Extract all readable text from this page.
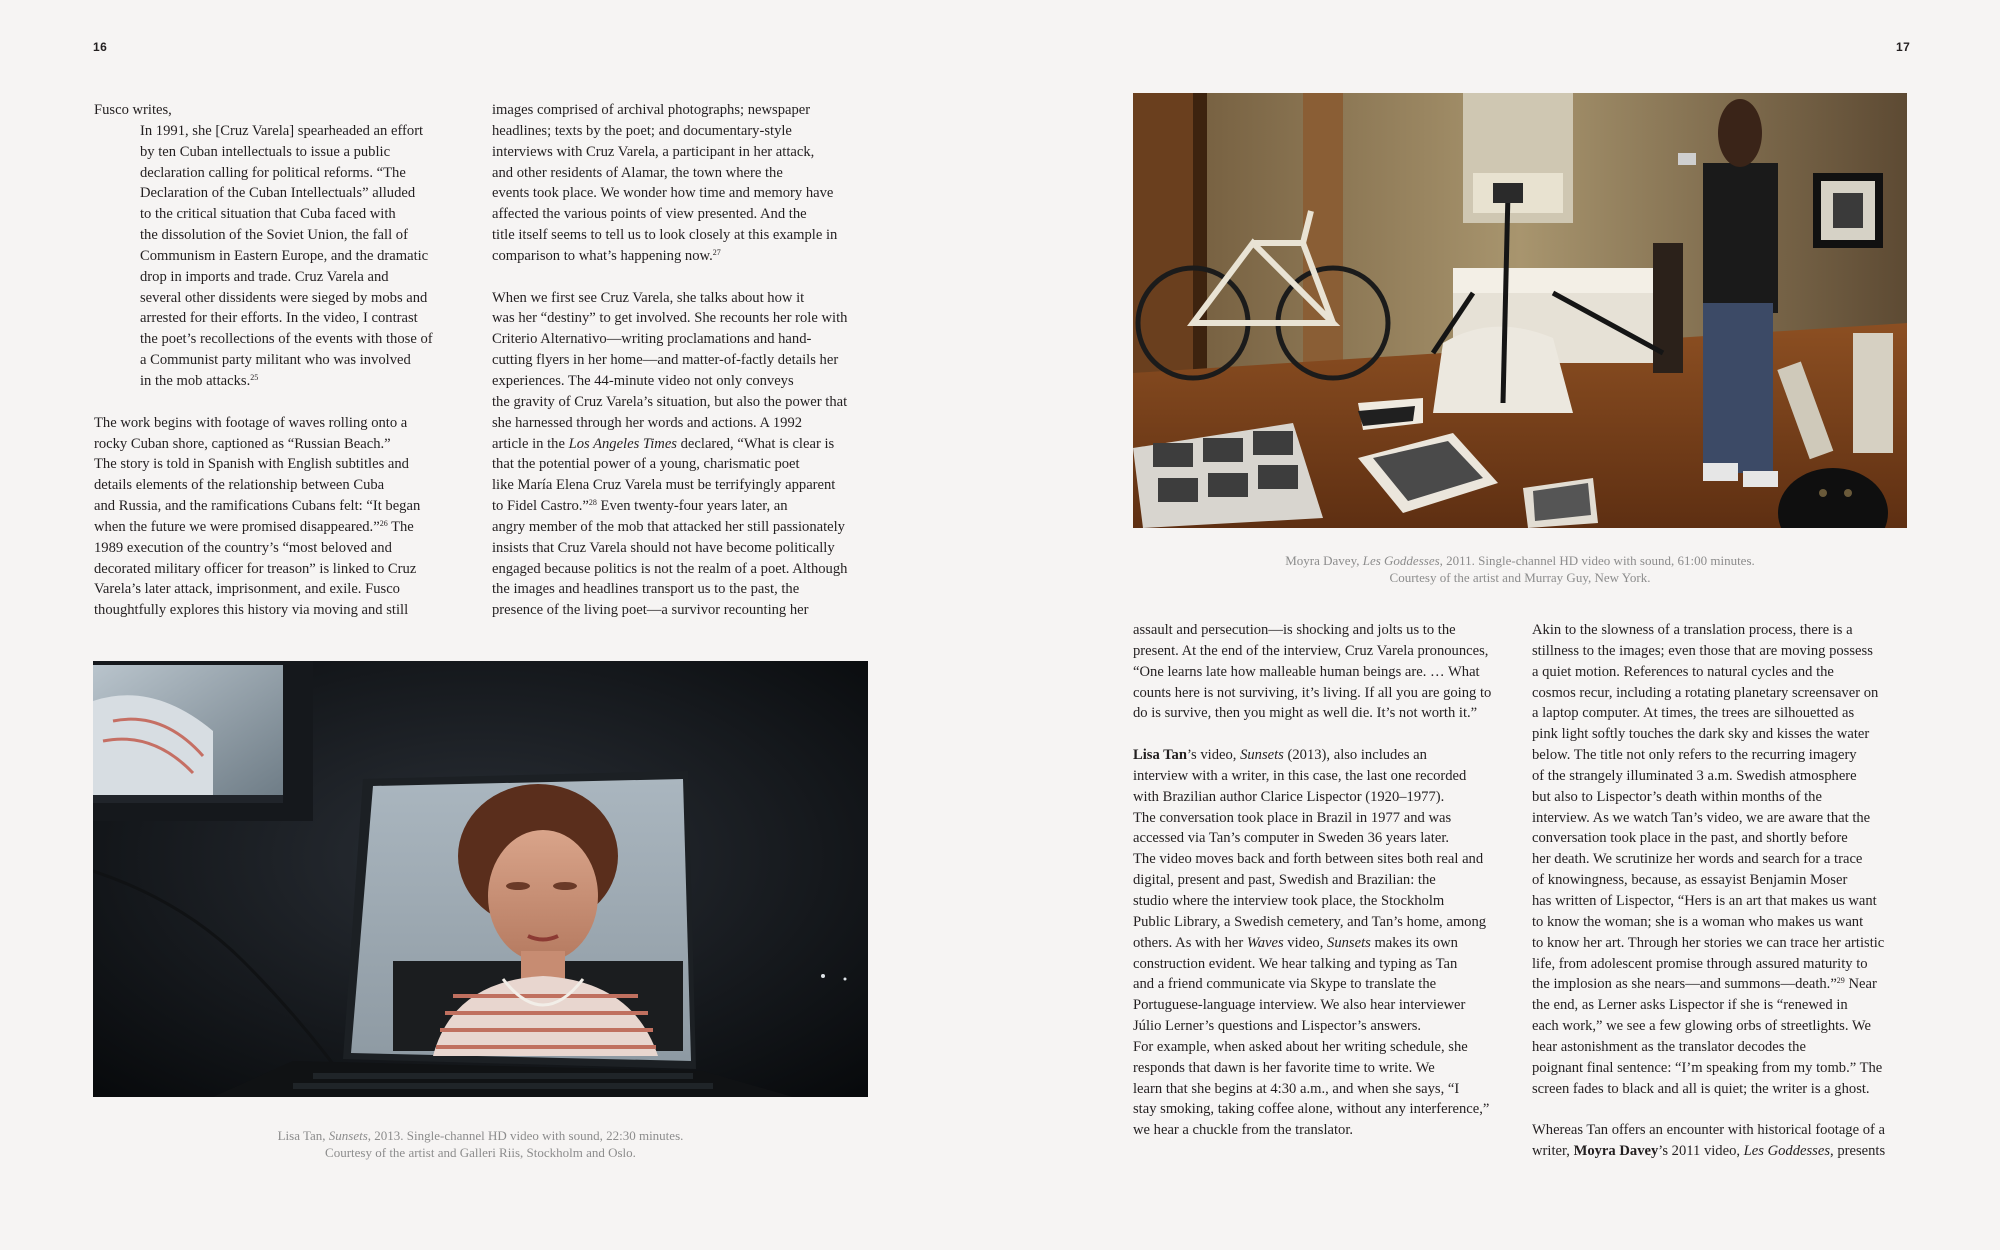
16	17
Fusco writes,
In 1991, she [Cruz Varela] spearheaded an effort
by ten Cuban intellectuals to issue a public
declaration calling for political reforms. “The
Declaration of the Cuban Intellectuals” alluded
to the critical situation that Cuba faced with
the dissolution of the Soviet Union, the fall of
Communism in Eastern Europe, and the dramatic
drop in imports and trade. Cruz Varela and
several other dissidents were sieged by mobs and
arrested for their efforts. In the video, I contrast
the poet’s recollections of the events with those of
a Communist party militant who was involved
in the mob attacks.$^{25}$
The work begins with footage of waves rolling onto a
rocky Cuban shore, captioned as “Russian Beach.”
The story is told in Spanish with English subtitles and
details elements of the relationship between Cuba
and Russia, and the ramifications Cubans felt: “It began
when the future we were promised disappeared.”$^{26}$ The
1989 execution of the country’s “most beloved and
decorated military officer for treason” is linked to Cruz
Varela’s later attack, imprisonment, and exile. Fusco
thoughtfully explores this history via moving and still
images comprised of archival photographs; newspaper
headlines; texts by the poet; and documentary-style
interviews with Cruz Varela, a participant in her attack,
and other residents of Alamar, the town where the
events took place. We wonder how time and memory have
affected the various points of view presented. And the
title itself seems to tell us to look closely at this example in
comparison to what’s happening now.$^{27}$
When we first see Cruz Varela, she talks about how it
was her “destiny” to get involved. She recounts her role with
Criterio Alternativo—writing proclamations and hand-
cutting flyers in her home—and matter-of-factly details her
experiences. The 44-minute video not only conveys
the gravity of Cruz Varela’s situation, but also the power that
she harnessed through her words and actions. A 1992
article in the Los Angeles Times declared, “What is clear is
that the potential power of a young, charismatic poet
like María Elena Cruz Varela must be terrifyingly apparent
to Fidel Castro.”$^{28}$ Even twenty-four years later, an
angry member of the mob that attacked her still passionately
insists that Cruz Varela should not have become politically
engaged because politics is not the realm of a poet. Although
the images and headlines transport us to the past, the
presence of the living poet—a survivor recounting her
Lisa Tan, Sunsets, 2013. Single-channel HD video with sound, 22:30 minutes.
Courtesy of the artist and Galleri Riis, Stockholm and Oslo.
Moyra Davey, Les Goddesses, 2011. Single-channel HD video with sound, 61:00 minutes.
Courtesy of the artist and Murray Guy, New York.
assault and persecution—is shocking and jolts us to the
present. At the end of the interview, Cruz Varela pronounces,
“One learns late how malleable human beings are. … What
counts here is not surviving, it’s living. If all you are going to
do is survive, then you might as well die. It’s not worth it.”
Lisa Tan’s video, Sunsets (2013), also includes an
interview with a writer, in this case, the last one recorded
with Brazilian author Clarice Lispector (1920–1977).
The conversation took place in Brazil in 1977 and was
accessed via Tan’s computer in Sweden 36 years later.
The video moves back and forth between sites both real and
digital, present and past, Swedish and Brazilian: the
studio where the interview took place, the Stockholm
Public Library, a Swedish cemetery, and Tan’s home, among
others. As with her Waves video, Sunsets makes its own
construction evident. We hear talking and typing as Tan
and a friend communicate via Skype to translate the
Portuguese-language interview. We also hear interviewer
Júlio Lerner’s questions and Lispector’s answers.
For example, when asked about her writing schedule, she
responds that dawn is her favorite time to write. We
learn that she begins at 4:30 a.m., and when she says, “I
stay smoking, taking coffee alone, without any interference,”
we hear a chuckle from the translator.
Akin to the slowness of a translation process, there is a
stillness to the images; even those that are moving possess
a quiet motion. References to natural cycles and the
cosmos recur, including a rotating planetary screensaver on
a laptop computer. At times, the trees are silhouetted as
pink light softly touches the dark sky and kisses the water
below. The title not only refers to the recurring imagery
of the strangely illuminated 3 a.m. Swedish atmosphere
but also to Lispector’s death within months of the
interview. As we watch Tan’s video, we are aware that the
conversation took place in the past, and shortly before
her death. We scrutinize her words and search for a trace
of knowingness, because, as essayist Benjamin Moser
has written of Lispector, “Hers is an art that makes us want
to know the woman; she is a woman who makes us want
to know her art. Through her stories we can trace her artistic
life, from adolescent promise through assured maturity to
the implosion as she nears—and summons—death.”$^{29}$ Near
the end, as Lerner asks Lispector if she is “renewed in
each work,” we see a few glowing orbs of streetlights. We
hear astonishment as the translator decodes the
poignant final sentence: “I’m speaking from my tomb.” The
screen fades to black and all is quiet; the writer is a ghost.
Whereas Tan offers an encounter with historical footage of a
writer, Moyra Davey’s 2011 video, Les Goddesses, presents
